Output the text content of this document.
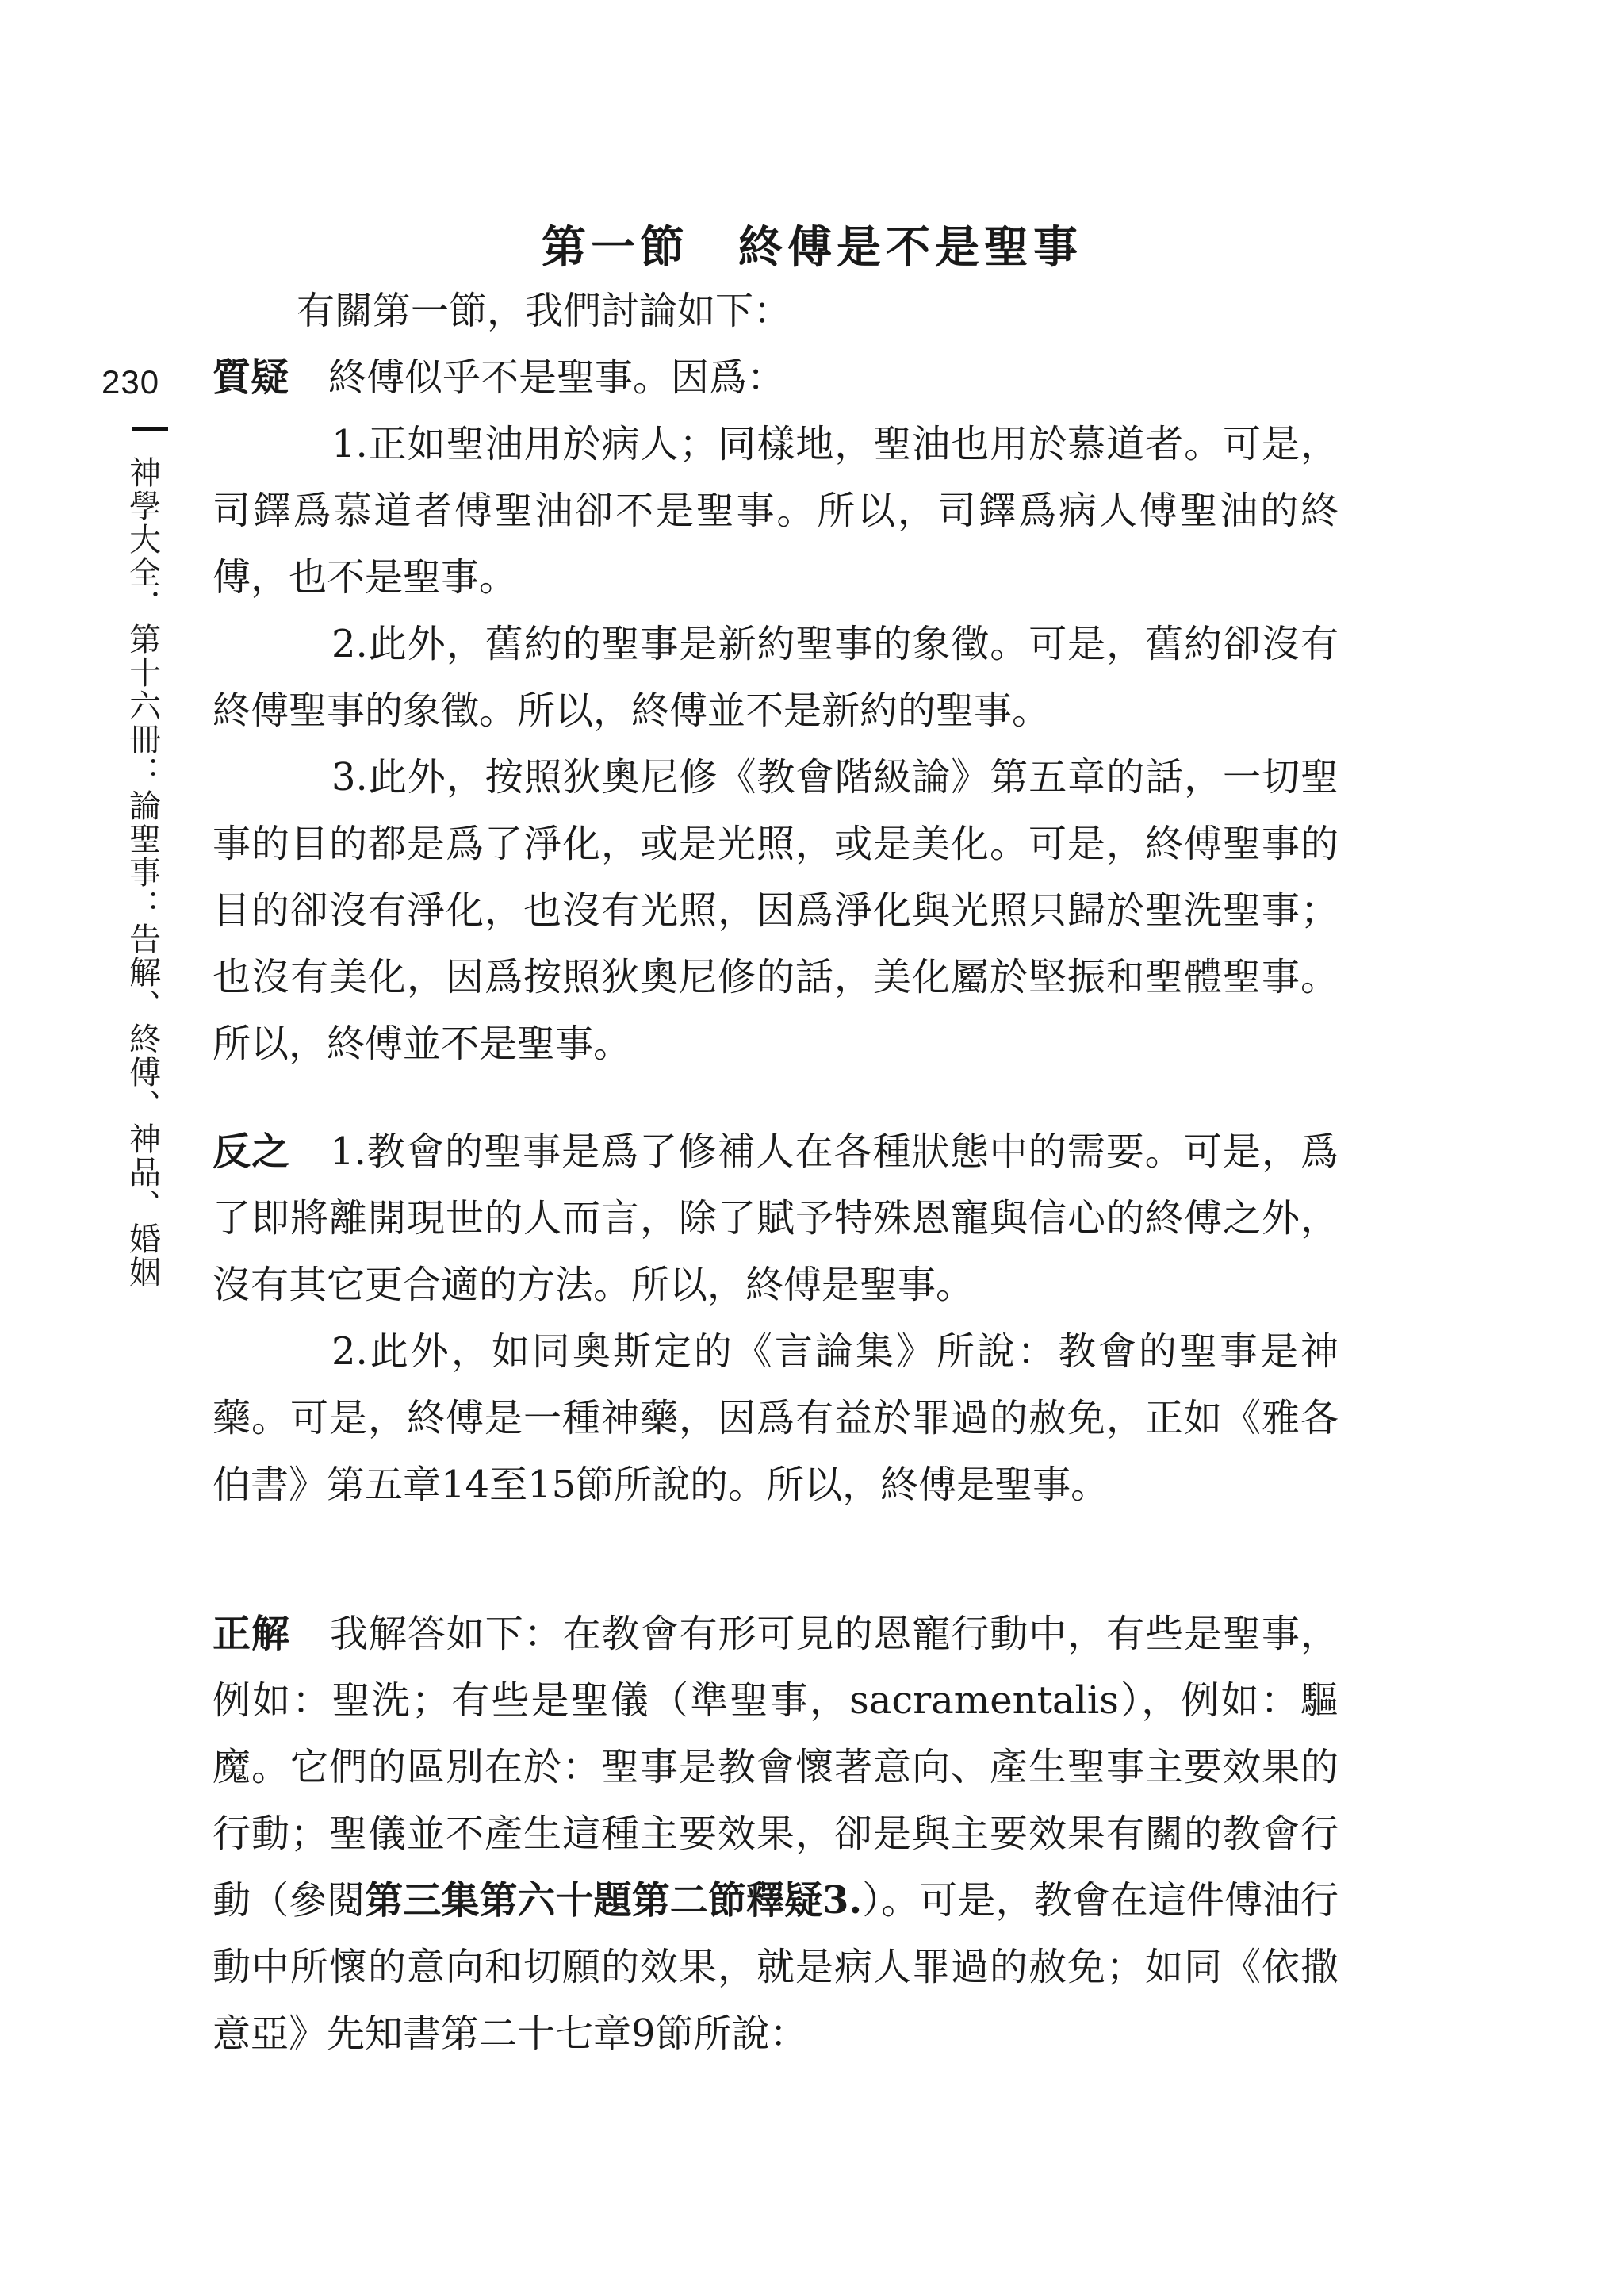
230
神學大全．第十六冊：論聖事：告解、終傅、神品、婚姻
第一節　終傅是不是聖事

有關第一節，我們討論如下：

質疑 終傅似乎不是聖事。因爲：

1.正如聖油用於病人；同樣地，聖油也用於慕道者。可是，司鐸爲慕道者傅聖油卻不是聖事。所以，司鐸爲病人傅聖油的終傅，也不是聖事。

2.此外，舊約的聖事是新約聖事的象徵。可是，舊約卻沒有終傅聖事的象徵。所以，終傅並不是新約的聖事。

3.此外，按照狄奧尼修《教會階級論》第五章的話，一切聖事的目的都是爲了淨化，或是光照，或是美化。可是，終傅聖事的目的卻沒有淨化，也沒有光照，因爲淨化與光照只歸於聖洗聖事；也沒有美化，因爲按照狄奧尼修的話，美化屬於堅振和聖體聖事。所以，終傅並不是聖事。

反之 1.教會的聖事是爲了修補人在各種狀態中的需要。可是，爲了即將離開現世的人而言，除了賦予特殊恩寵與信心的終傅之外，沒有其它更合適的方法。所以，終傅是聖事。

2.此外，如同奧斯定的《言論集》所說：教會的聖事是神藥。可是，終傅是一種神藥，因爲有益於罪過的赦免，正如《雅各伯書》第五章14至15節所說的。所以，終傅是聖事。

正解 我解答如下：在教會有形可見的恩寵行動中，有些是聖事，例如：聖洗；有些是聖儀（準聖事，sacramentalis），例如：驅魔。它們的區別在於：聖事是教會懷著意向、產生聖事主要效果的行動；聖儀並不產生這種主要效果，卻是與主要效果有關的教會行動（參閱第三集第六十題第二節釋疑3.）。可是，教會在這件傅油行動中所懷的意向和切願的效果，就是病人罪過的赦免；如同《依撒意亞》先知書第二十七章9節所說：
